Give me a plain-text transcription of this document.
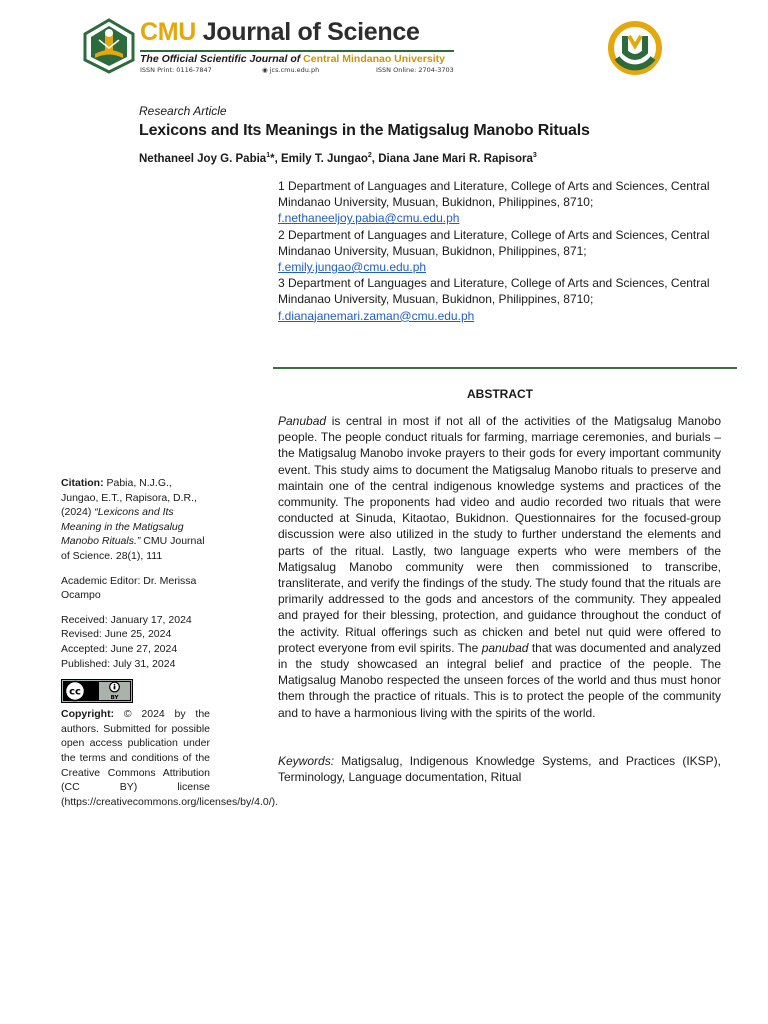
CMU Journal of Science
The Official Scientific Journal of Central Mindanao University
ISSN Print: 0116-7847	◉ jcs.cmu.edu.ph	ISSN Online: 2704-3703
Research Article
Lexicons and Its Meanings in the Matigsalug Manobo Rituals
Nethaneel Joy G. Pabia$^1$*, Emily T. Jungao$^2$, Diana Jane Mari R. Rapisora$^3$
1 Department of Languages and Literature, College of Arts and Sciences, Central Mindanao University, Musuan, Bukidnon, Philippines, 8710;
f.nethaneeljoy.pabia@cmu.edu.ph
2 Department of Languages and Literature, College of Arts and Sciences, Central Mindanao University, Musuan, Bukidnon, Philippines, 871;
f.emily.jungao@cmu.edu.ph
3 Department of Languages and Literature, College of Arts and Sciences, Central Mindanao University, Musuan, Bukidnon, Philippines, 8710;
f.dianajanemari.zaman@cmu.edu.ph
ABSTRACT

Panubad is central in most if not all of the activities of the Matigsalug Manobo people. The people conduct rituals for farming, marriage ceremonies, and burials – the Matigsalug Manobo invoke prayers to their gods for every important community event. This study aims to document the Matigsalug Manobo rituals to preserve and maintain one of the central indigenous knowledge systems and practices of the community. The proponents had video and audio recorded two rituals that were conducted at Sinuda, Kitaotao, Bukidnon. Questionnaires for the focused-group discussion were also utilized in the study to further understand the elements and parts of the ritual. Lastly, two language experts who were members of the Matigsalug Manobo community were then commissioned to transcribe, transliterate, and verify the findings of the study. The study found that the rituals are primarily addressed to the gods and ancestors of the community. They appealed and prayed for their blessing, protection, and guidance throughout the conduct of the activity. Ritual offerings such as chicken and betel nut quid were offered to protect everyone from evil spirits. The panubad that was documented and analyzed in the study showcased an integral belief and practice of the people. The Matigsalug Manobo respected the unseen forces of the world and thus must honor them through the practice of rituals. This is to protect the people of the community and to have a harmonious living with the spirits of the world.

Keywords: Matigsalug, Indigenous Knowledge Systems, and Practices (IKSP), Terminology, Language documentation, Ritual

Citation: Pabia, N.J.G., Jungao, E.T., Rapisora, D.R., (2024) “Lexicons and Its Meaning in the Matigsalug Manobo Rituals.” CMU Journal of Science. 28(1), 111

Academic Editor: Dr. Merissa Ocampo

Received: January 17, 2024

Revised: June 25, 2024

Accepted: June 27, 2024

Published: July 31, 2024

cc
BY

Copyright: © 2024 by the authors. Submitted for possible open access publication under the terms and conditions of the Creative Commons Attribution (CC BY) license (https://creativecommons.org/licenses/by/4.0/).
